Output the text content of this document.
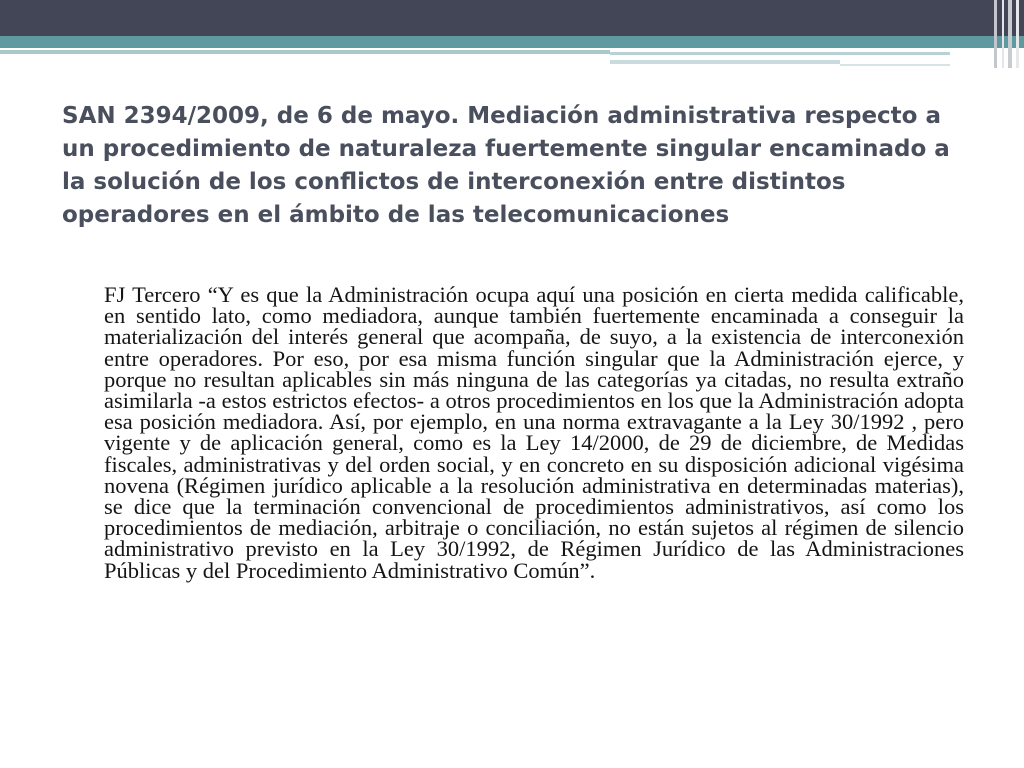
SAN 2394/2009, de 6 de mayo. Mediación administrativa respecto a un procedimiento de naturaleza fuertemente singular encaminado a la solución de los conflictos de interconexión entre distintos operadores en el ámbito de las telecomunicaciones

FJ Tercero “Y es que la Administración ocupa aquí una posición en cierta medida calificable, en sentido lato, como mediadora, aunque también fuertemente encaminada a conseguir la materialización del interés general que acompaña, de suyo, a la existencia de interconexión entre operadores. Por eso, por esa misma función singular que la Administración ejerce, y porque no resultan aplicables sin más ninguna de las categorías ya citadas, no resulta extraño asimilarla -a estos estrictos efectos- a otros procedimientos en los que la Administración adopta esa posición mediadora. Así, por ejemplo, en una norma extravagante a la Ley 30/1992 , pero vigente y de aplicación general, como es la Ley 14/2000, de 29 de diciembre, de Medidas fiscales, administrativas y del orden social, y en concreto en su disposición adicional vigésima novena (Régimen jurídico aplicable a la resolución administrativa en determinadas materias), se dice que la terminación convencional de procedimientos administrativos, así como los procedimientos de mediación, arbitraje o conciliación, no están sujetos al régimen de silencio administrativo previsto en la Ley 30/1992, de Régimen Jurídico de las Administraciones Públicas y del Procedimiento Administrativo Común”.
